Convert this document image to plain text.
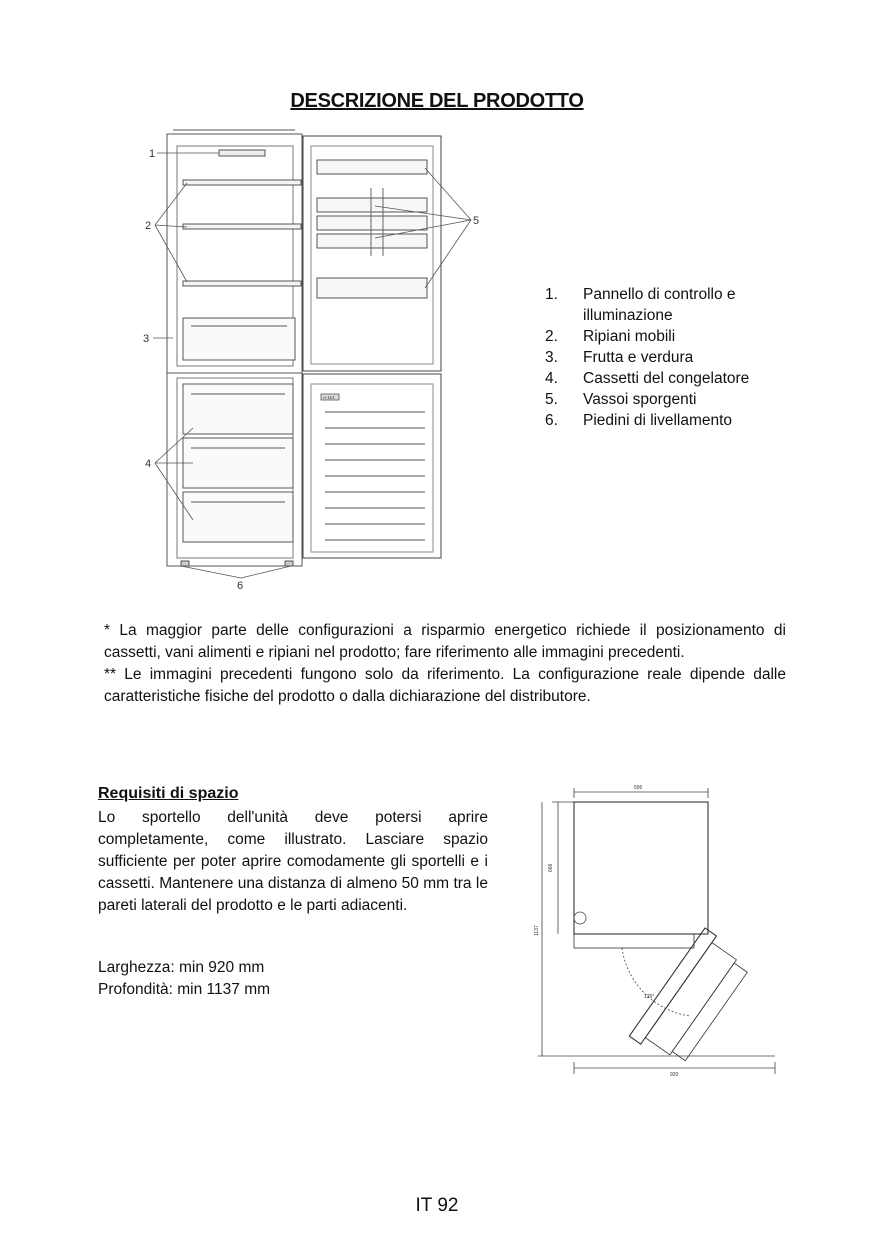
DESCRIZIONE DEL PRODOTTO
1
2
3
4
5
6
A-114
1.	Pannello di controllo e illuminazione
2.	Ripiani mobili
3.	Frutta e verdura
4.	Cassetti del congelatore
5.	Vassoi sporgenti
6.	Piedini di livellamento

* La maggior parte delle configurazioni a risparmio energetico richiede il posizionamento di cassetti, vani alimenti e ripiani nel prodotto; fare riferimento alle immagini precedenti.

** Le immagini precedenti fungono solo da riferimento. La configurazione reale dipende dalle caratteristiche fisiche del prodotto o dalla dichiarazione del distributore.

Requisiti di spazio
Lo sportello dell'unità deve potersi aprire completamente, come illustrato. Lasciare spazio sufficiente per poter aprire comodamente gli sportelli e i cassetti. Mantenere una distanza di almeno 50 mm tra le pareti laterali del prodotto e le parti adiacenti.
Larghezza: min 920 mm
Profondità: min 1137 mm
595
666
1137
920
125°
IT 92
